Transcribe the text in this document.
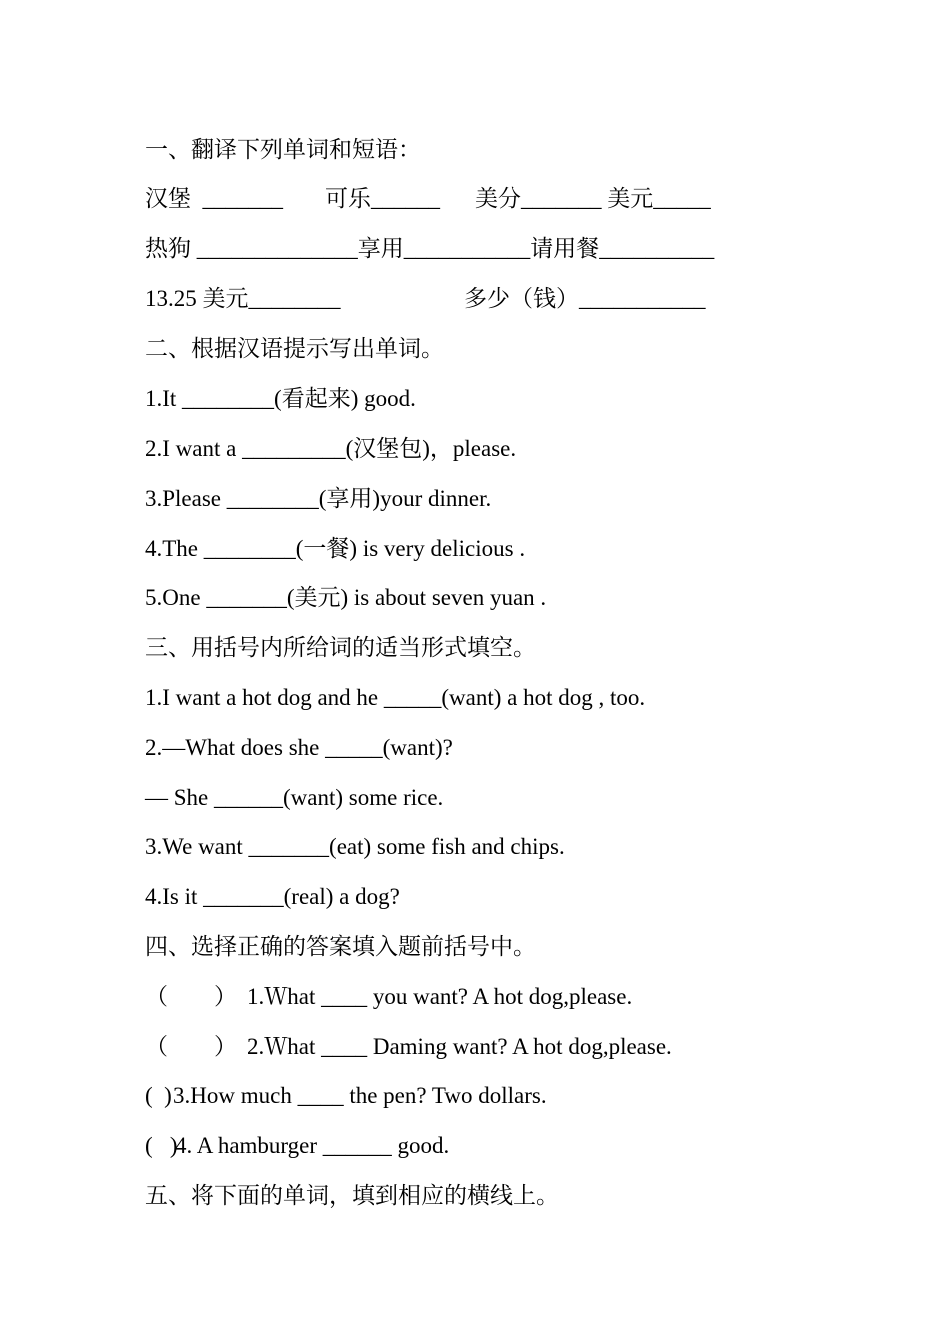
一、翻译下列单词和短语：

汉堡  _______

可乐______

美分_______ 美元_____

热狗 ______________享用___________请用餐__________

13.25 美元________

	多少（钱）___________

二、根据汉语提示写出单词。
1.It ________(看起来) good.
2.I want a _________(汉堡包)，please.
3.Please ________(享用)your dinner.
4.The ________(一餐) is very delicious .
5.One _______(美元) is about seven yuan .
三、用括号内所给词的适当形式填空。
1.I want a hot dog and he _____(want) a hot dog , too.
2.—What does she _____(want)?
— She ______(want) some rice.
3.We want _______(eat) some fish and chips.
4.Is it _______(real) a dog?
四、选择正确的答案填入题前括号中。

（        ）

1.Ｗhat ____ you want? A hot dog,please.

（        ）

2.Ｗhat ____ Daming want? A hot dog,please.

(  )

3.How much ____ the pen? Two dollars.

(   )

4. A hamburger ______ good.

五、将下面的单词，填到相应的横线上。
